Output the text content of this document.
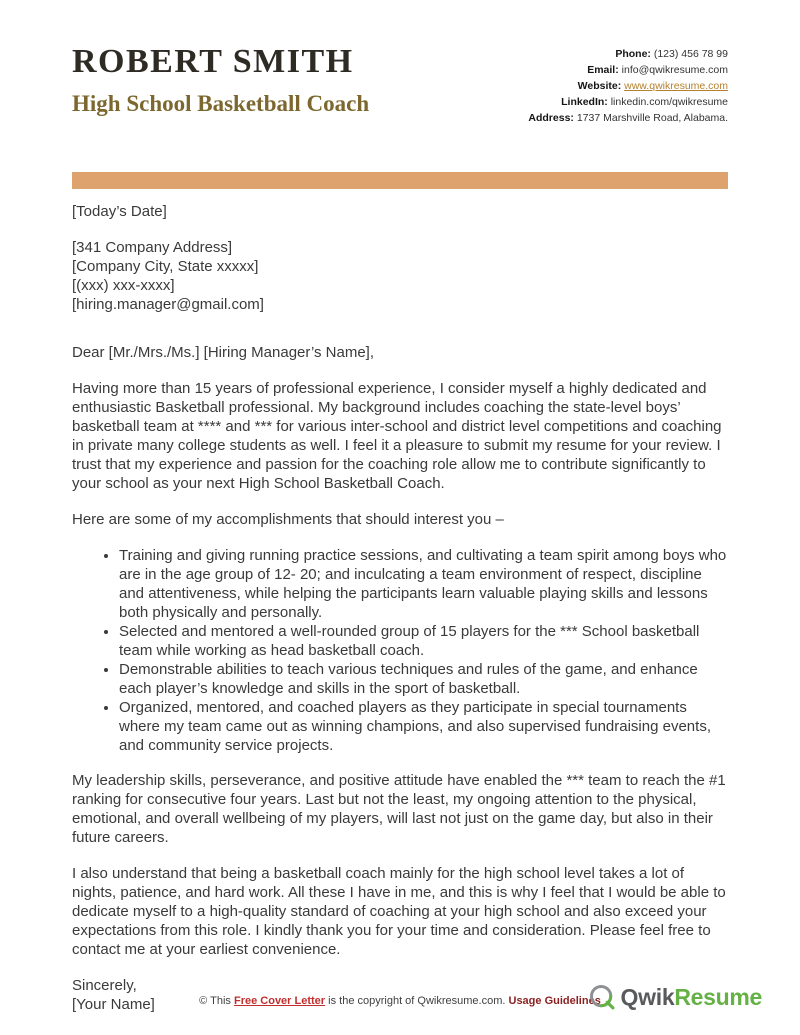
ROBERT SMITH
High School Basketball Coach
Phone: (123) 456 78 99
Email: info@qwikresume.com
Website: www.qwikresume.com
LinkedIn: linkedin.com/qwikresume
Address: 1737 Marshville Road, Alabama.

[Today’s Date]

[341 Company Address]
[Company City, State xxxxx]
[(xxx) xxx-xxxx]
[hiring.manager@gmail.com]

Dear [Mr./Mrs./Ms.] [Hiring Manager’s Name],

Having more than 15 years of professional experience, I consider myself a highly dedicated and enthusiastic Basketball professional. My background includes coaching the state-level boys’ basketball team at **** and *** for various inter-school and district level competitions and coaching in private many college students as well. I feel it a pleasure to submit my resume for your review. I trust that my experience and passion for the coaching role allow me to contribute significantly to your school as your next High School Basketball Coach.

Here are some of my accomplishments that should interest you –

• Training and giving running practice sessions, and cultivating a team spirit among boys who are in the age group of 12- 20; and inculcating a team environment of respect, discipline and attentiveness, while helping the participants learn valuable playing skills and lessons both physically and personally.
• Selected and mentored a well-rounded group of 15 players for the *** School basketball team while working as head basketball coach.
• Demonstrable abilities to teach various techniques and rules of the game, and enhance each player’s knowledge and skills in the sport of basketball.
• Organized, mentored, and coached players as they participate in special tournaments where my team came out as winning champions, and also supervised fundraising events, and community service projects.

My leadership skills, perseverance, and positive attitude have enabled the *** team to reach the #1 ranking for consecutive four years. Last but not the least, my ongoing attention to the physical, emotional, and overall wellbeing of my players, will last not just on the game day, but also in their future careers.

I also understand that being a basketball coach mainly for the high school level takes a lot of nights, patience, and hard work. All these I have in me, and this is why I feel that I would be able to dedicate myself to a high-quality standard of coaching at your high school and also exceed your expectations from this role. I kindly thank you for your time and consideration. Please feel free to contact me at your earliest convenience.

Sincerely,
[Your Name]	© This Free Cover Letter is the copyright of Qwikresume.com. Usage Guidelines QwikResume
